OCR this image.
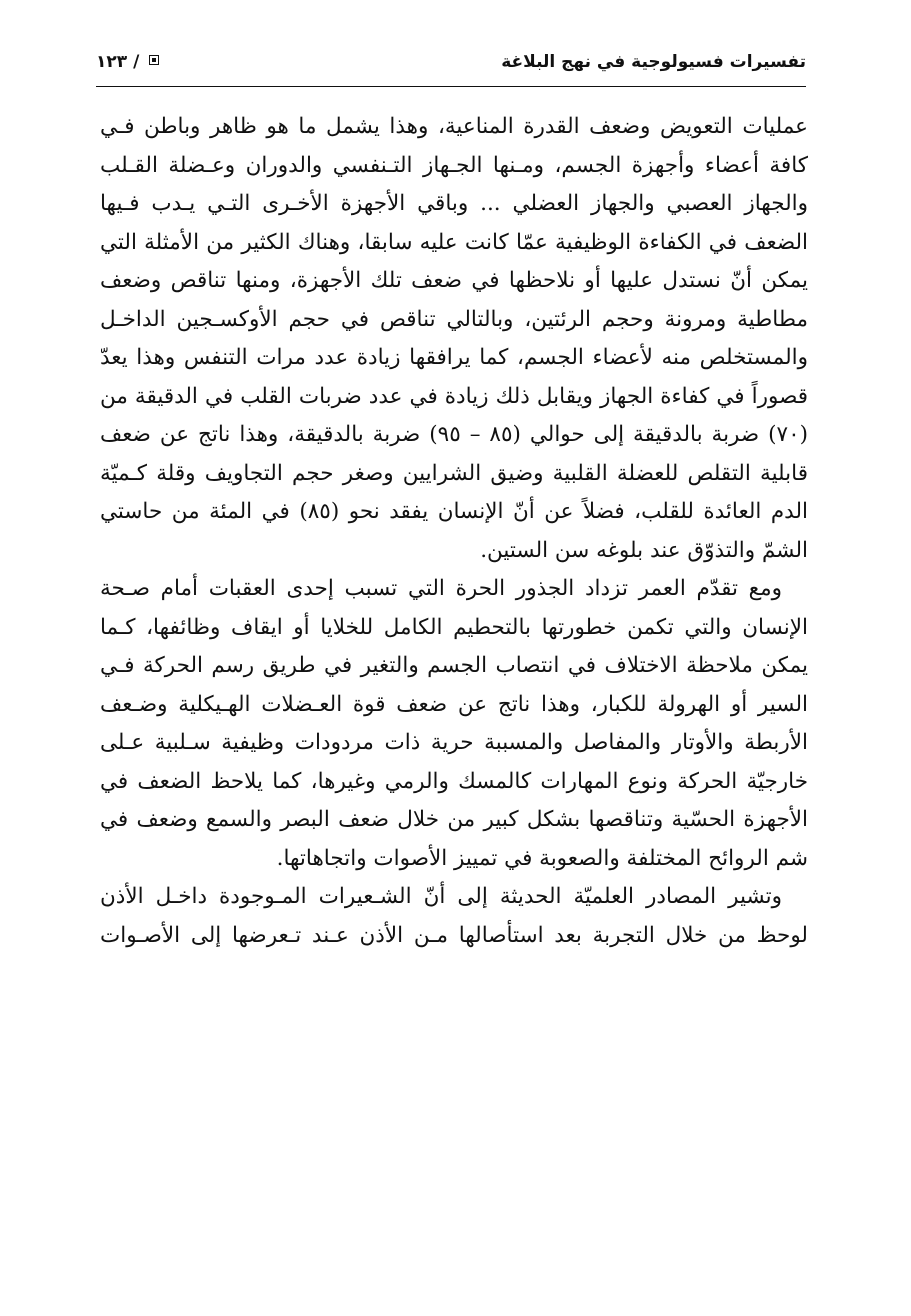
تفسيرات فسيولوجية في نهج البلاغة
١٢٣ /

عمليات التعويض وضعف القدرة المناعية، وهذا يشمل ما هو ظاهر وباطن فـي كافة أعضاء وأجهزة الجسم، ومـنها الجـهاز التـنفسي والدوران وعـضلة القـلب والجهاز العصبي والجهاز العضلي ... وباقي الأجهزة الأخـرى التـي يـدب فـيها الضعف في الكفاءة الوظيفية عمّا كانت عليه سابقا، وهناك الكثير من الأمثلة التي يمكن أنّ نستدل عليها أو نلاحظها في ضعف تلك الأجهزة، ومنها تناقص وضعف مطاطية ومرونة وحجم الرئتين، وبالتالي تناقص في حجم الأوكسـجين الداخـل والمستخلص منه لأعضاء الجسم، كما يرافقها زيادة عدد مرات التنفس وهذا يعدّ قصوراً في كفاءة الجهاز ويقابل ذلك زيادة في عدد ضربات القلب في الدقيقة من (٧٠) ضربة بالدقيقة إلى حوالي (٨٥ – ٩٥) ضربة بالدقيقة، وهذا ناتج عن ضعف قابلية التقلص للعضلة القلبية وضيق الشرايين وصغر حجم التجاويف وقلة كـميّة الدم العائدة للقلب، فضلاً عن أنّ الإنسان يفقد نحو (٨٥) في المئة من حاستي الشمّ والتذوّق عند بلوغه سن الستين.

ومع تقدّم العمر تزداد الجذور الحرة التي تسبب إحدى العقبات أمام صـحة الإنسان والتي تكمن خطورتها بالتحطيم الكامل للخلايا أو ايقاف وظائفها، كـما يمكن ملاحظة الاختلاف في انتصاب الجسم والتغير في طريق رسم الحركة فـي السير أو الهرولة للكبار، وهذا ناتج عن ضعف قوة العـضلات الهـيكلية وضـعف الأربطة والأوتار والمفاصل والمسببة حرية ذات مردودات وظيفية سـلبية عـلى خارجيّة الحركة ونوع المهارات كالمسك والرمي وغيرها، كما يلاحظ الضعف في الأجهزة الحسّية وتناقصها بشكل كبير من خلال ضعف البصر والسمع وضعف في شم الروائح المختلفة والصعوبة في تمييز الأصوات واتجاهاتها.

وتشير المصادر العلميّة الحديثة إلى أنّ الشـعيرات المـوجودة داخـل الأذن لوحظ من خلال التجربة بعد استأصالها مـن الأذن عـند تـعرضها إلى الأصـوات
